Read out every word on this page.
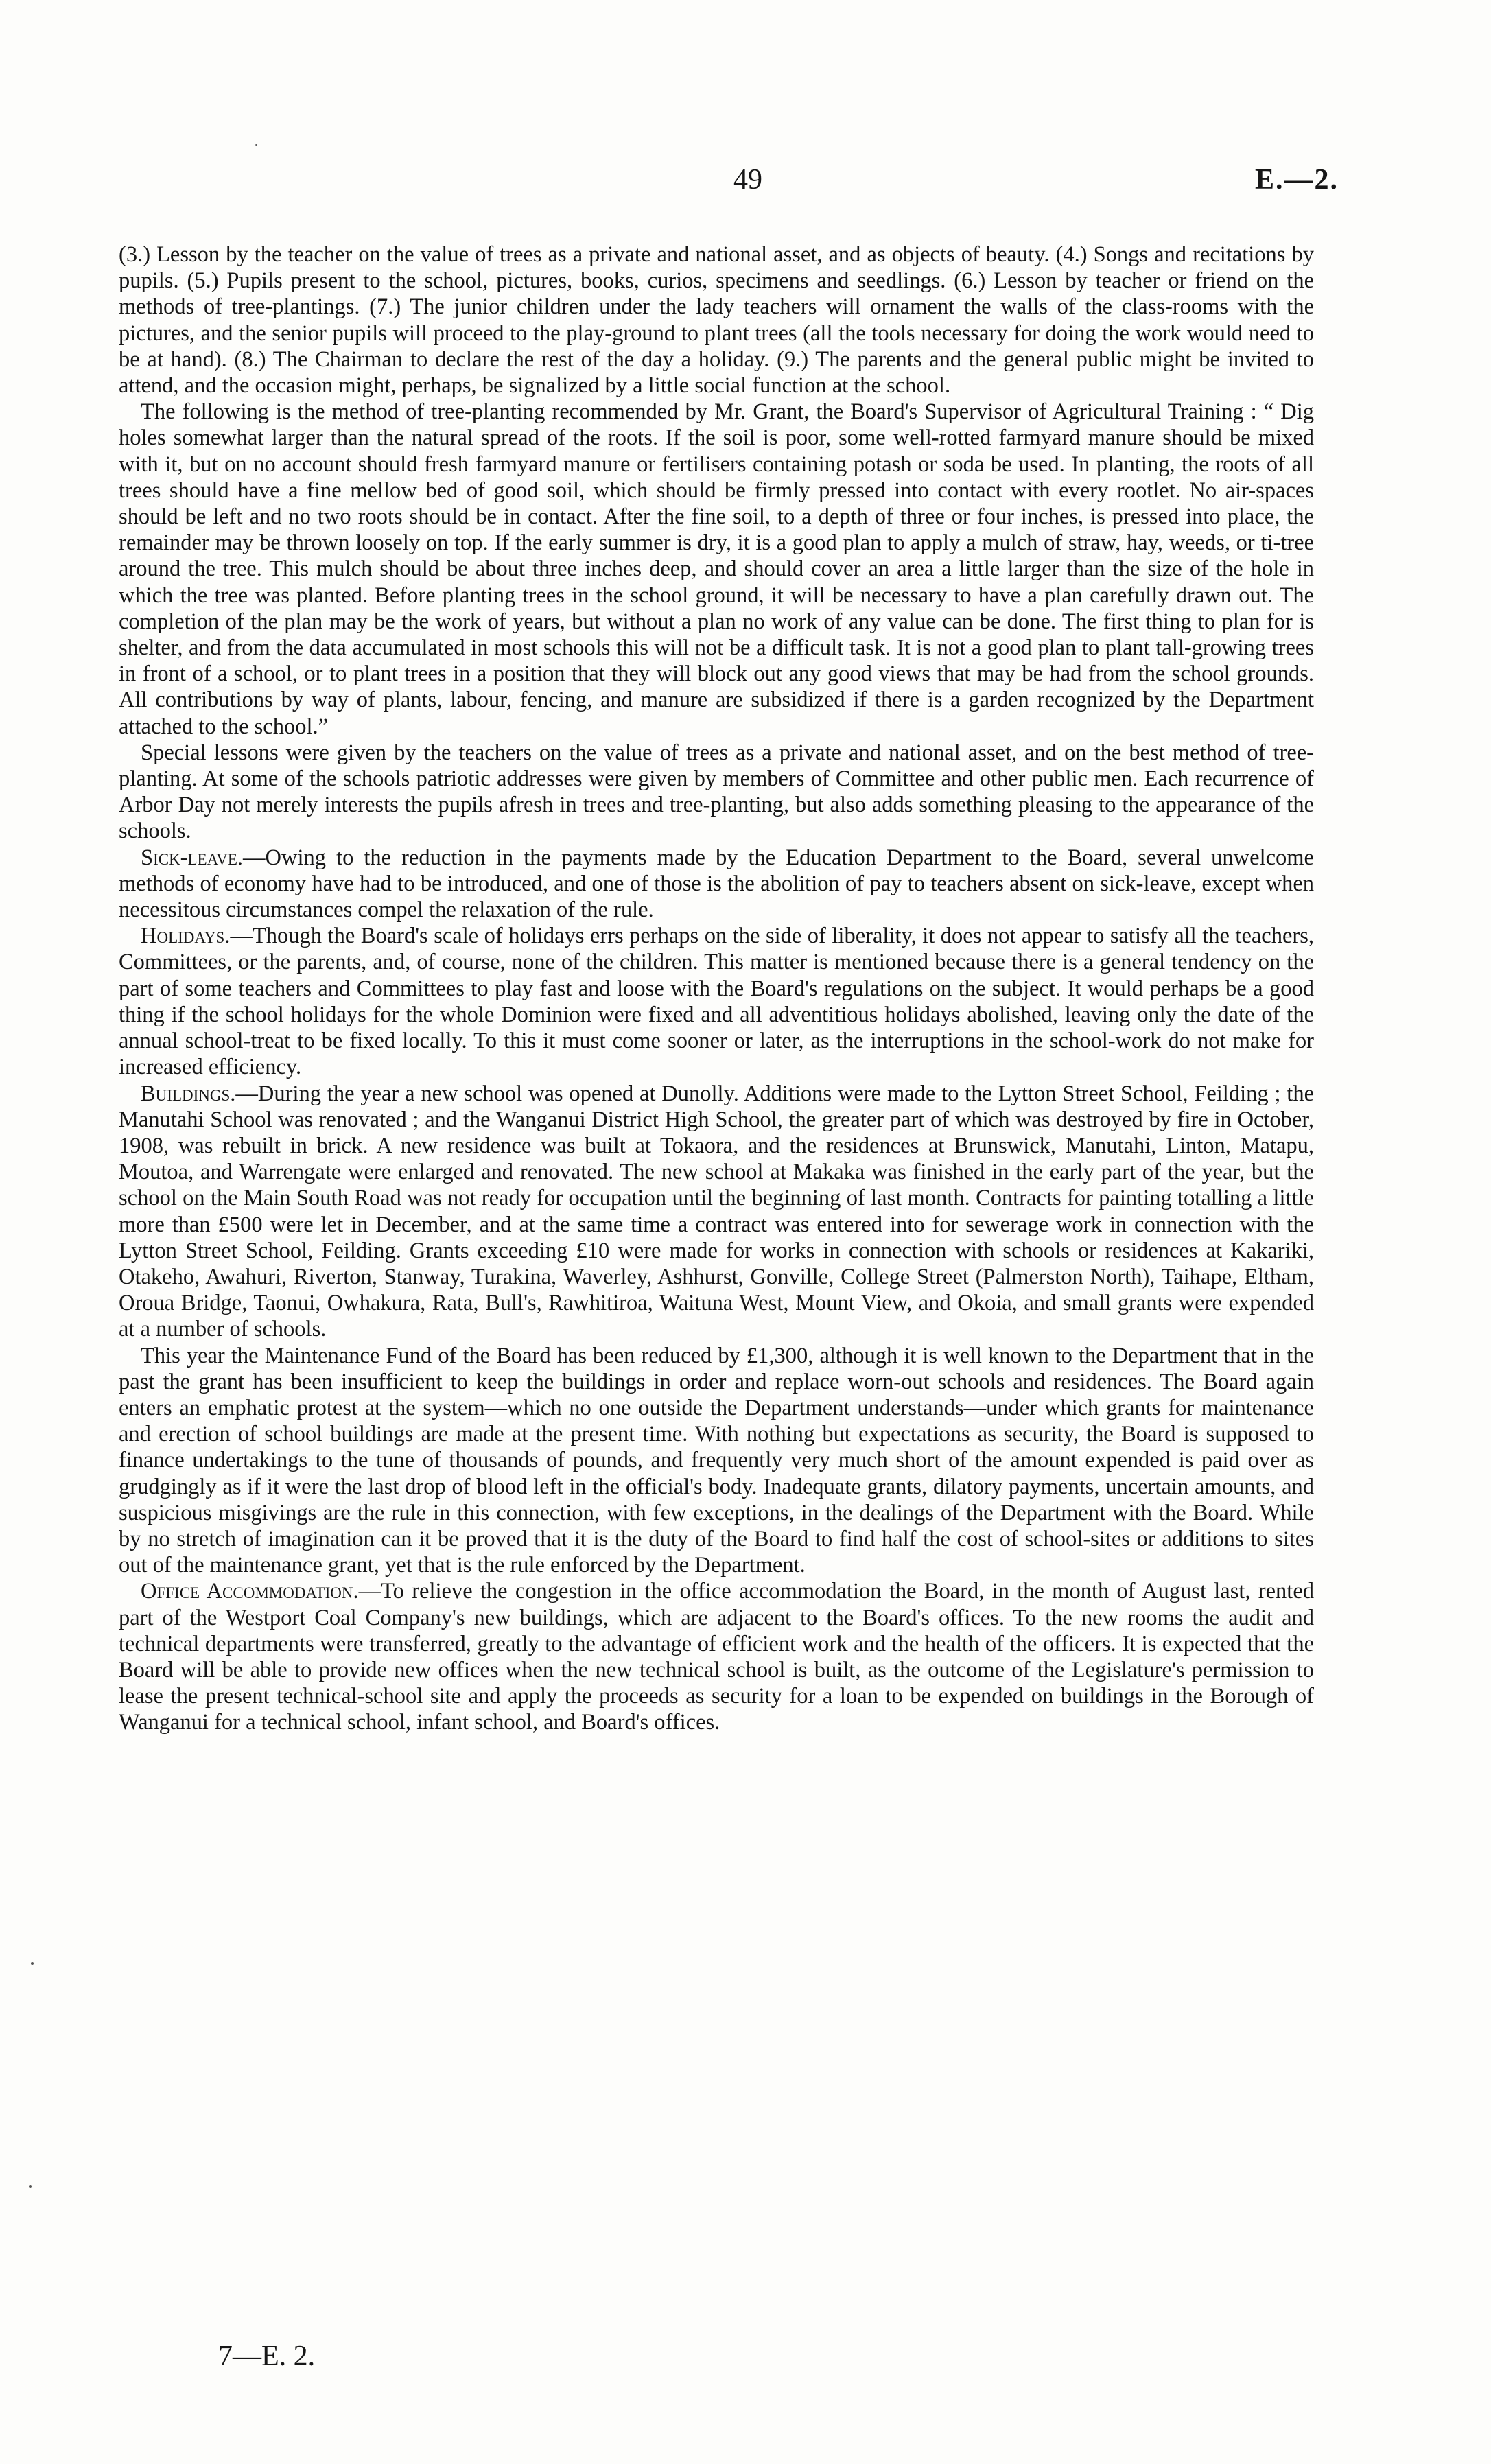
49	E.—2.

(3.) Lesson by the teacher on the value of trees as a private and national asset, and as objects of beauty. (4.) Songs and recitations by pupils. (5.) Pupils present to the school, pictures, books, curios, specimens and seedlings. (6.) Lesson by teacher or friend on the methods of tree-plantings. (7.) The junior children under the lady teachers will ornament the walls of the class-rooms with the pictures, and the senior pupils will proceed to the play-ground to plant trees (all the tools necessary for doing the work would need to be at hand). (8.) The Chairman to declare the rest of the day a holiday. (9.) The parents and the general public might be invited to attend, and the occasion might, perhaps, be signalized by a little social function at the school.

The following is the method of tree-planting recommended by Mr. Grant, the Board's Supervisor of Agricultural Training : “ Dig holes somewhat larger than the natural spread of the roots. If the soil is poor, some well-rotted farmyard manure should be mixed with it, but on no account should fresh farmyard manure or fertilisers containing potash or soda be used. In planting, the roots of all trees should have a fine mellow bed of good soil, which should be firmly pressed into contact with every rootlet. No air-spaces should be left and no two roots should be in contact. After the fine soil, to a depth of three or four inches, is pressed into place, the remainder may be thrown loosely on top. If the early summer is dry, it is a good plan to apply a mulch of straw, hay, weeds, or ti-tree around the tree. This mulch should be about three inches deep, and should cover an area a little larger than the size of the hole in which the tree was planted. Before planting trees in the school ground, it will be necessary to have a plan carefully drawn out. The completion of the plan may be the work of years, but without a plan no work of any value can be done. The first thing to plan for is shelter, and from the data accumulated in most schools this will not be a difficult task. It is not a good plan to plant tall-growing trees in front of a school, or to plant trees in a position that they will block out any good views that may be had from the school grounds. All contributions by way of plants, labour, fencing, and manure are subsidized if there is a garden recognized by the Department attached to the school.”

Special lessons were given by the teachers on the value of trees as a private and national asset, and on the best method of tree-planting. At some of the schools patriotic addresses were given by members of Committee and other public men. Each recurrence of Arbor Day not merely interests the pupils afresh in trees and tree-planting, but also adds something pleasing to the appearance of the schools.

Sick-leave.—Owing to the reduction in the payments made by the Education Department to the Board, several unwelcome methods of economy have had to be introduced, and one of those is the abolition of pay to teachers absent on sick-leave, except when necessitous circumstances compel the relaxation of the rule.

Holidays.—Though the Board's scale of holidays errs perhaps on the side of liberality, it does not appear to satisfy all the teachers, Committees, or the parents, and, of course, none of the children. This matter is mentioned because there is a general tendency on the part of some teachers and Committees to play fast and loose with the Board's regulations on the subject. It would perhaps be a good thing if the school holidays for the whole Dominion were fixed and all adventitious holidays abolished, leaving only the date of the annual school-treat to be fixed locally. To this it must come sooner or later, as the interruptions in the school-work do not make for increased efficiency.

Buildings.—During the year a new school was opened at Dunolly. Additions were made to the Lytton Street School, Feilding ; the Manutahi School was renovated ; and the Wanganui District High School, the greater part of which was destroyed by fire in October, 1908, was rebuilt in brick. A new residence was built at Tokaora, and the residences at Brunswick, Manutahi, Linton, Matapu, Moutoa, and Warrengate were enlarged and renovated. The new school at Makaka was finished in the early part of the year, but the school on the Main South Road was not ready for occupation until the beginning of last month. Contracts for painting totalling a little more than £500 were let in December, and at the same time a contract was entered into for sewerage work in connection with the Lytton Street School, Feilding. Grants exceeding £10 were made for works in connection with schools or residences at Kakariki, Otakeho, Awahuri, Riverton, Stanway, Turakina, Waverley, Ashhurst, Gonville, College Street (Palmerston North), Taihape, Eltham, Oroua Bridge, Taonui, Owhakura, Rata, Bull's, Rawhitiroa, Waituna West, Mount View, and Okoia, and small grants were expended at a number of schools.

This year the Maintenance Fund of the Board has been reduced by £1,300, although it is well known to the Department that in the past the grant has been insufficient to keep the buildings in order and replace worn-out schools and residences. The Board again enters an emphatic protest at the system—which no one outside the Department understands—under which grants for maintenance and erection of school buildings are made at the present time. With nothing but expectations as security, the Board is supposed to finance undertakings to the tune of thousands of pounds, and frequently very much short of the amount expended is paid over as grudgingly as if it were the last drop of blood left in the official's body. Inadequate grants, dilatory payments, uncertain amounts, and suspicious misgivings are the rule in this connection, with few exceptions, in the dealings of the Department with the Board. While by no stretch of imagination can it be proved that it is the duty of the Board to find half the cost of school-sites or additions to sites out of the maintenance grant, yet that is the rule enforced by the Department.

Office Accommodation.—To relieve the congestion in the office accommodation the Board, in the month of August last, rented part of the Westport Coal Company's new buildings, which are adjacent to the Board's offices. To the new rooms the audit and technical departments were transferred, greatly to the advantage of efficient work and the health of the officers. It is expected that the Board will be able to provide new offices when the new technical school is built, as the outcome of the Legislature's permission to lease the present technical-school site and apply the proceeds as security for a loan to be expended on buildings in the Borough of Wanganui for a technical school, infant school, and Board's offices.

7—E. 2.
